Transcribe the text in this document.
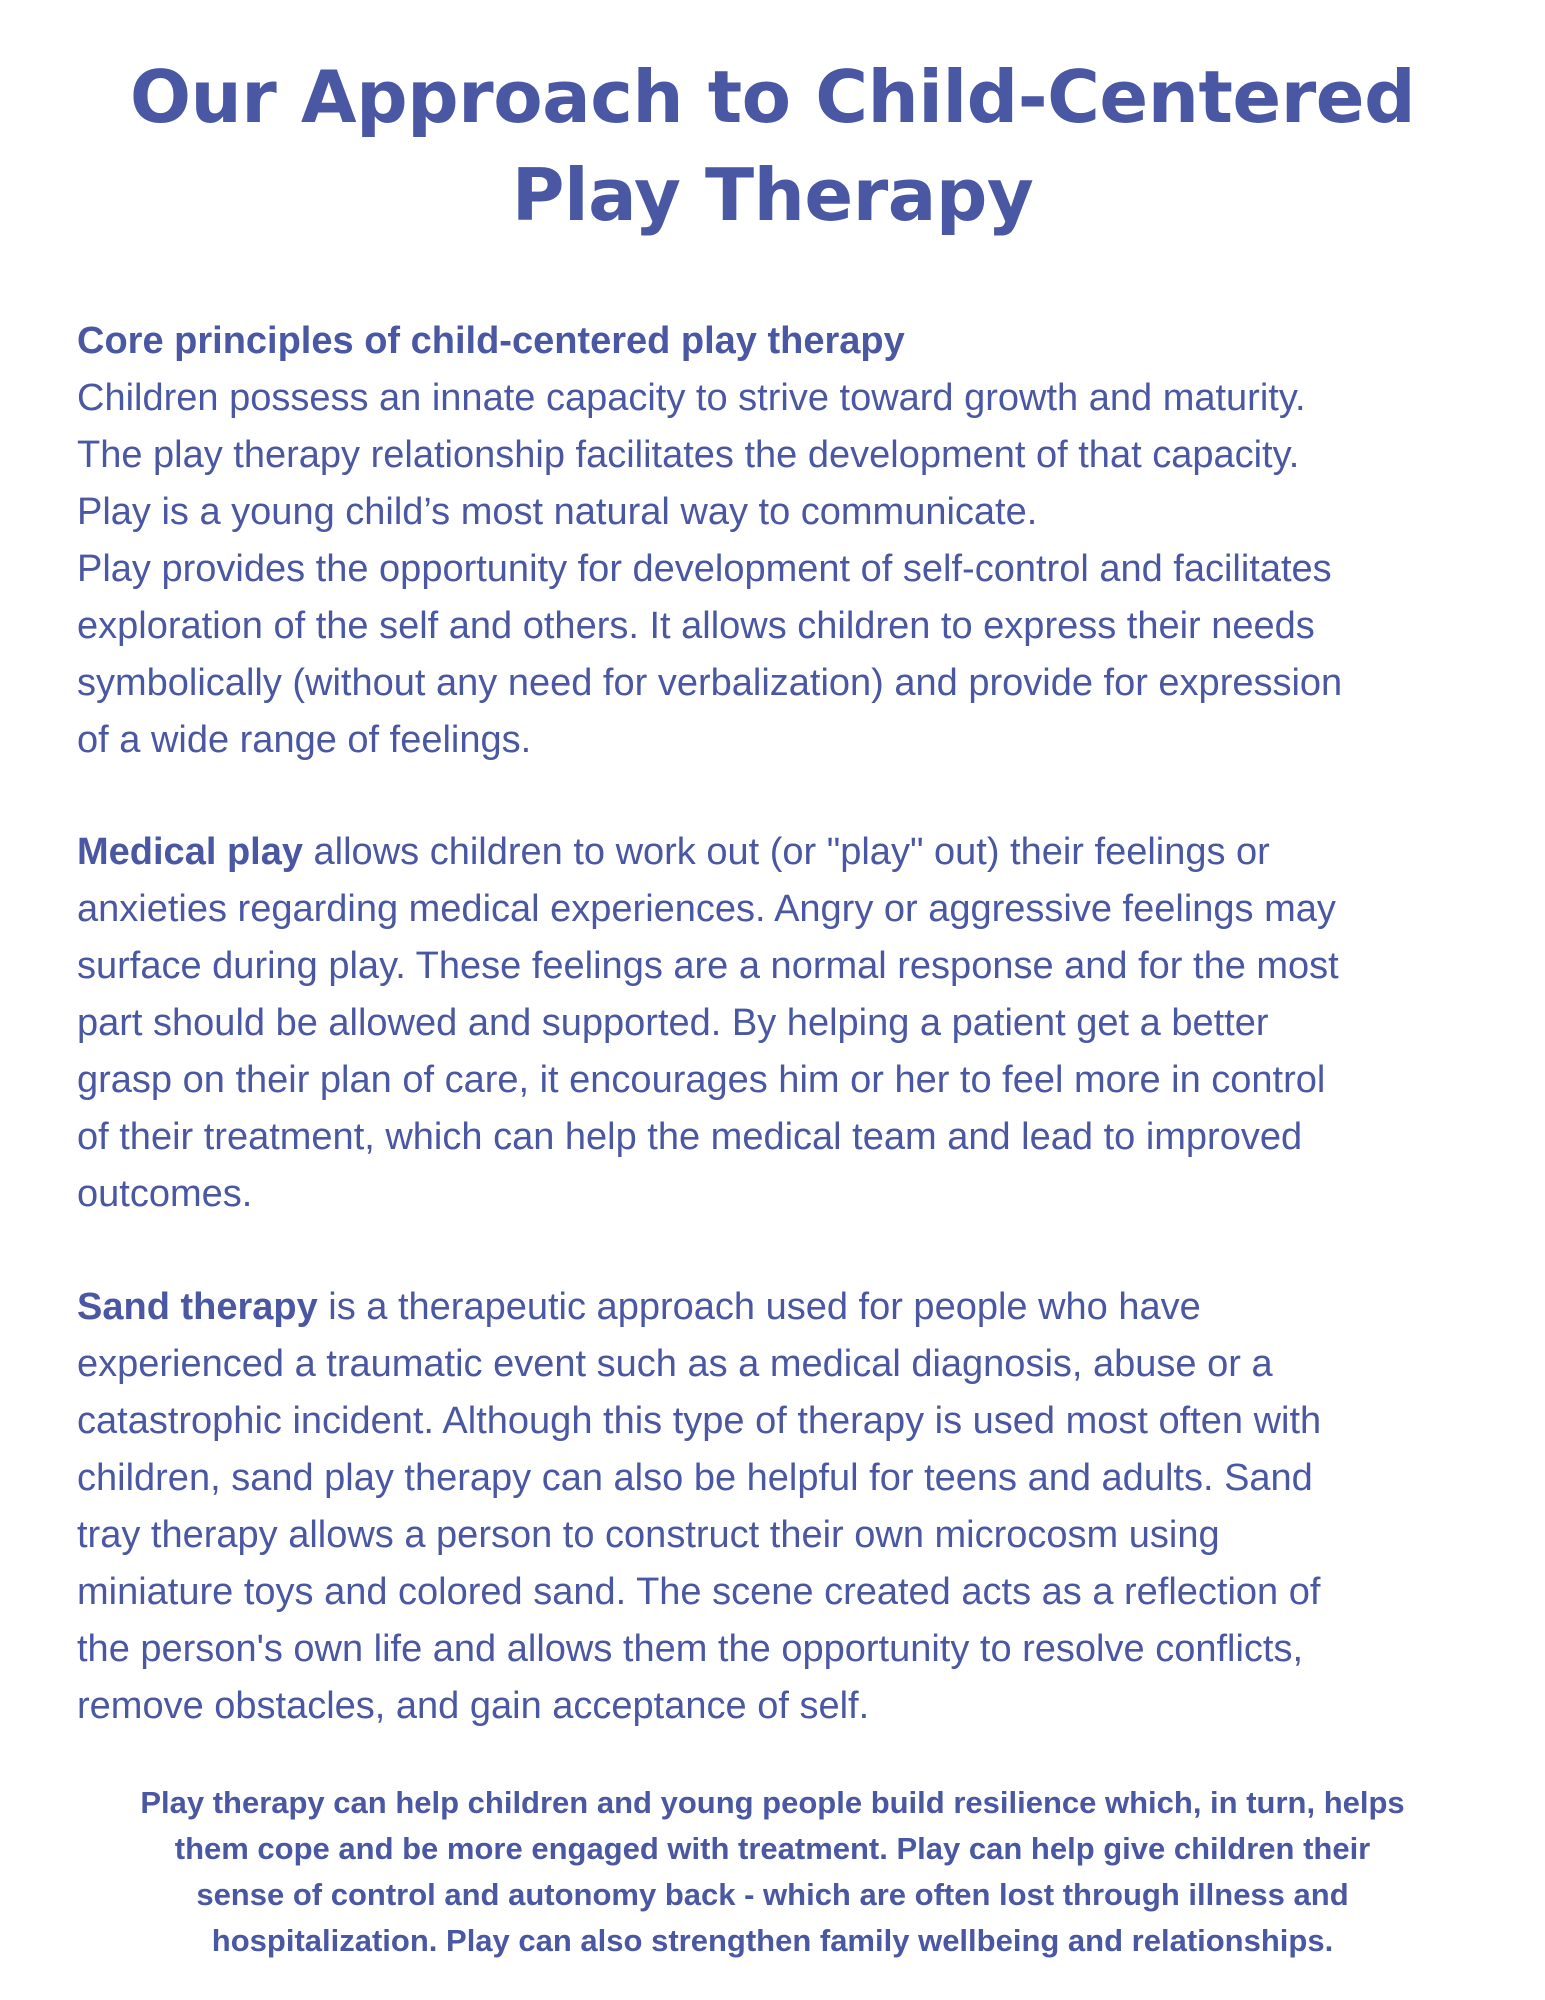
Our Approach to Child-Centered
Play Therapy
Core principles of child-centered play therapy
Children possess an innate capacity to strive toward growth and maturity.
The play therapy relationship facilitates the development of that capacity.
Play is a young child’s most natural way to communicate.
Play provides the opportunity for development of self-control and facilitates
exploration of the self and others. It allows children to express their needs
symbolically (without any need for verbalization) and provide for expression
of a wide range of feelings.
Medical play allows children to work out (or "play" out) their feelings or
anxieties regarding medical experiences. Angry or aggressive feelings may
surface during play. These feelings are a normal response and for the most
part should be allowed and supported. By helping a patient get a better
grasp on their plan of care, it encourages him or her to feel more in control
of their treatment, which can help the medical team and lead to improved
outcomes.
Sand therapy is a therapeutic approach used for people who have
experienced a traumatic event such as a medical diagnosis, abuse or a
catastrophic incident. Although this type of therapy is used most often with
children, sand play therapy can also be helpful for teens and adults. Sand
tray therapy allows a person to construct their own microcosm using
miniature toys and colored sand. The scene created acts as a reflection of
the person's own life and allows them the opportunity to resolve conflicts,
remove obstacles, and gain acceptance of self.
Play therapy can help children and young people build resilience which, in turn, helps
them cope and be more engaged with treatment. Play can help give children their
sense of control and autonomy back - which are often lost through illness and
hospitalization. Play can also strengthen family wellbeing and relationships.
